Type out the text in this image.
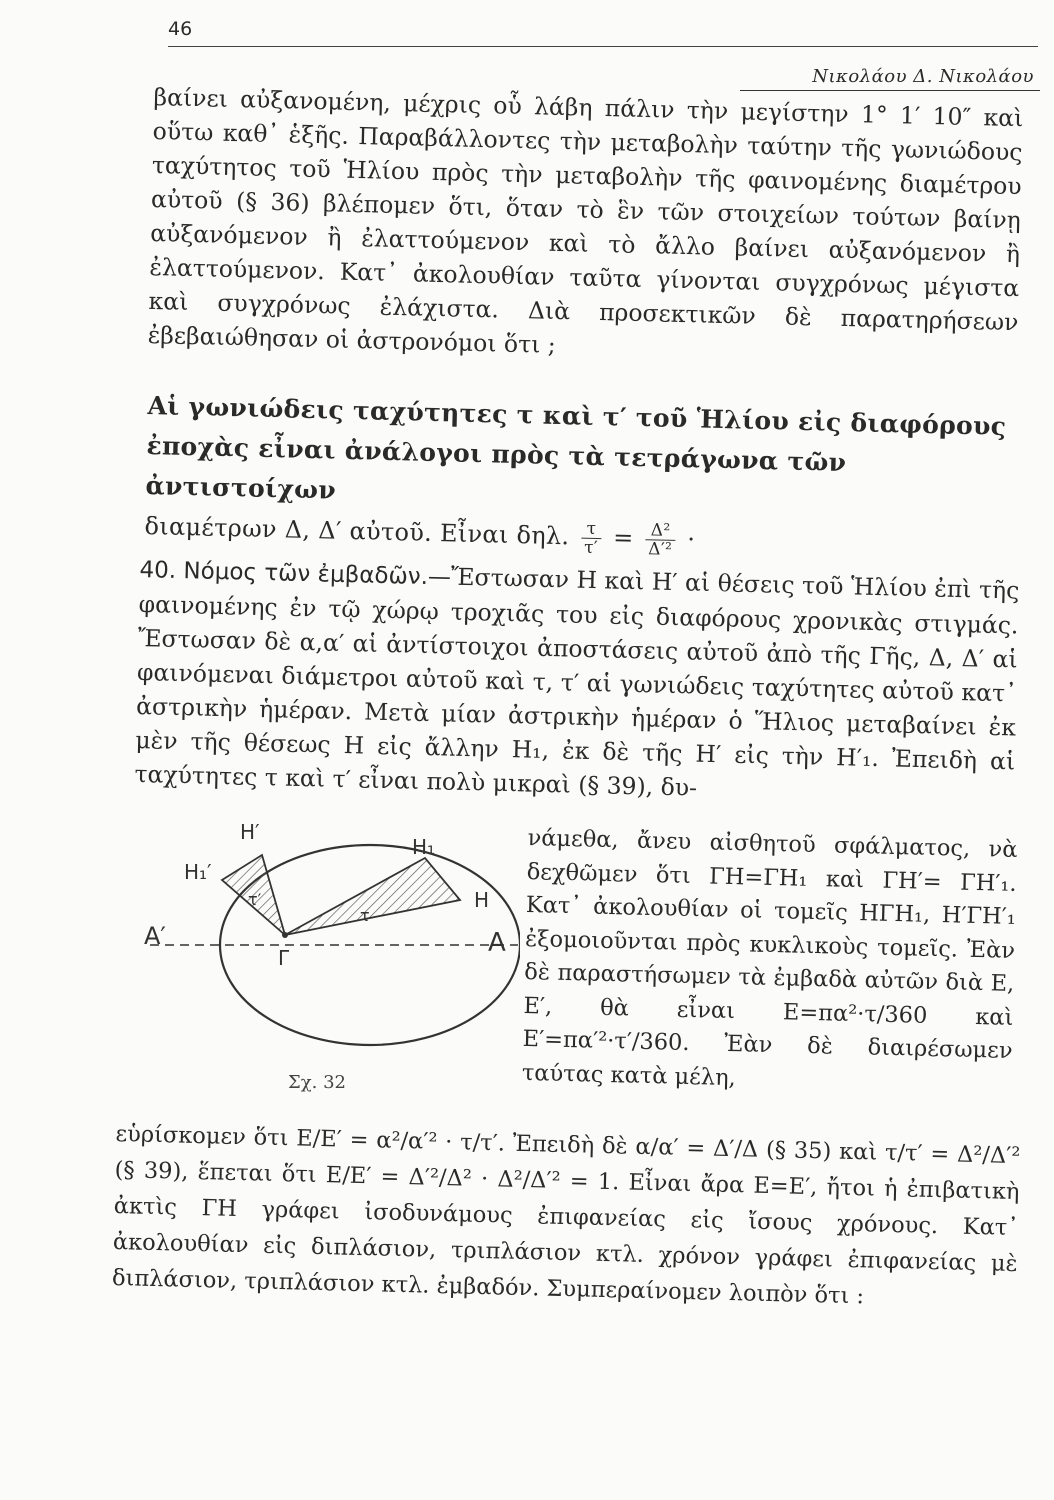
46
Νικολάου Δ. Νικολάου

βαίνει αὐξανομένη, μέχρις οὗ λάβη πάλιν τὴν μεγίστην 1° 1′ 10″ καὶ οὕτω καθ᾽ ἑξῆς. Παραβάλλοντες τὴν μεταβολὴν ταύτην τῆς γωνιώδους ταχύτητος τοῦ Ἡλίου πρὸς τὴν μεταβολὴν τῆς φαινομένης διαμέτρου αὐτοῦ (§ 36) βλέπομεν ὅτι, ὅταν τὸ ἓν τῶν στοιχείων τούτων βαίνῃ αὐξανόμενον ἢ ἐλαττούμενον καὶ τὸ ἄλλο βαίνει αὐξανόμενον ἢ ἐλαττούμενον. Κατ᾽ ἀκολουθίαν ταῦτα γίνονται συγχρόνως μέγιστα καὶ συγχρόνως ἐλάχιστα. Διὰ προσεκτικῶν δὲ παρατηρήσεων ἐβεβαιώθησαν οἱ ἀστρονόμοι ὅτι ;

Αἱ γωνιώδεις ταχύτητες τ καὶ τ′ τοῦ Ἡλίου εἰς διαφόρους
ἐποχὰς εἶναι ἀνάλογοι πρὸς τὰ τετράγωνα τῶν ἀντιστοίχων
διαμέτρων Δ, Δ′ αὐτοῦ. Εἶναι δηλ. $\frac{\tau}{\tau'} = \frac{\text{Δ²}}{\text{Δ′²}}$ ·
40. Νόμος τῶν ἐμβαδῶν.—Ἔστωσαν Η καὶ Η′ αἱ θέσεις τοῦ Ἡλίου ἐπὶ τῆς φαινομένης ἐν τῷ χώρῳ τροχιᾶς του εἰς διαφόρους χρονικὰς στιγμάς. Ἔστωσαν δὲ α,α′ αἱ ἀντίστοιχοι ἀποστάσεις αὐτοῦ ἀπὸ τῆς Γῆς, Δ, Δ′ αἱ φαινόμεναι διάμετροι αὐτοῦ καὶ τ, τ′ αἱ γωνιώδεις ταχύτητες αὐτοῦ κατ᾽ ἀστρικὴν ἡμέραν. Μετὰ μίαν ἀστρικὴν ἡμέραν ὁ Ἥλιος μεταβαίνει ἐκ μὲν τῆς θέσεως Η εἰς ἄλλην Η₁, ἐκ δὲ τῆς Η′ εἰς τὴν Η′₁. Ἐπειδὴ αἱ ταχύτητες τ καὶ τ′ εἶναι πολὺ μικραὶ (§ 39), δυ-
Η′
Η₁
Η₁′
Η
Α′	Α
Γ
τ′
τ
Σχ. 32
νάμεθα, ἄνευ αἰσθητοῦ σφάλματος, νὰ δεχθῶμεν ὅτι ΓΗ=ΓΗ₁ καὶ ΓΗ′= ΓΗ′₁. Κατ᾽ ἀκολουθίαν οἱ τομεῖς ΗΓΗ₁, Η′ΓΗ′₁ ἐξομοιοῦνται πρὸς κυκλικοὺς τομεῖς. Ἐὰν δὲ παραστήσωμεν τὰ ἐμβαδὰ αὐτῶν διὰ Ε, Ε′, θὰ εἶναι Ε=πα²·τ/360 καὶ Ε′=πα′²·τ′/360. Ἐὰν δὲ διαιρέσωμεν ταύτας κατὰ μέλη,
εὑρίσκομεν ὅτι Ε/Ε′ = α²/α′² · τ/τ′. Ἐπειδὴ δὲ α/α′ = Δ′/Δ (§ 35) καὶ τ/τ′ = Δ²/Δ′² (§ 39), ἕπεται ὅτι Ε/Ε′ = Δ′²/Δ² · Δ²/Δ′² = 1. Εἶναι ἄρα Ε=Ε′, ἤτοι ἡ ἐπιβατικὴ ἀκτὶς ΓΗ γράφει ἰσοδυνάμους ἐπιφανείας εἰς ἴσους χρόνους. Κατ᾽ ἀκολουθίαν εἰς διπλάσιον, τριπλάσιον κτλ. χρόνον γράφει ἐπιφανείας μὲ διπλάσιον, τριπλάσιον κτλ. ἐμβαδόν. Συμπεραίνομεν λοιπὸν ὅτι :
